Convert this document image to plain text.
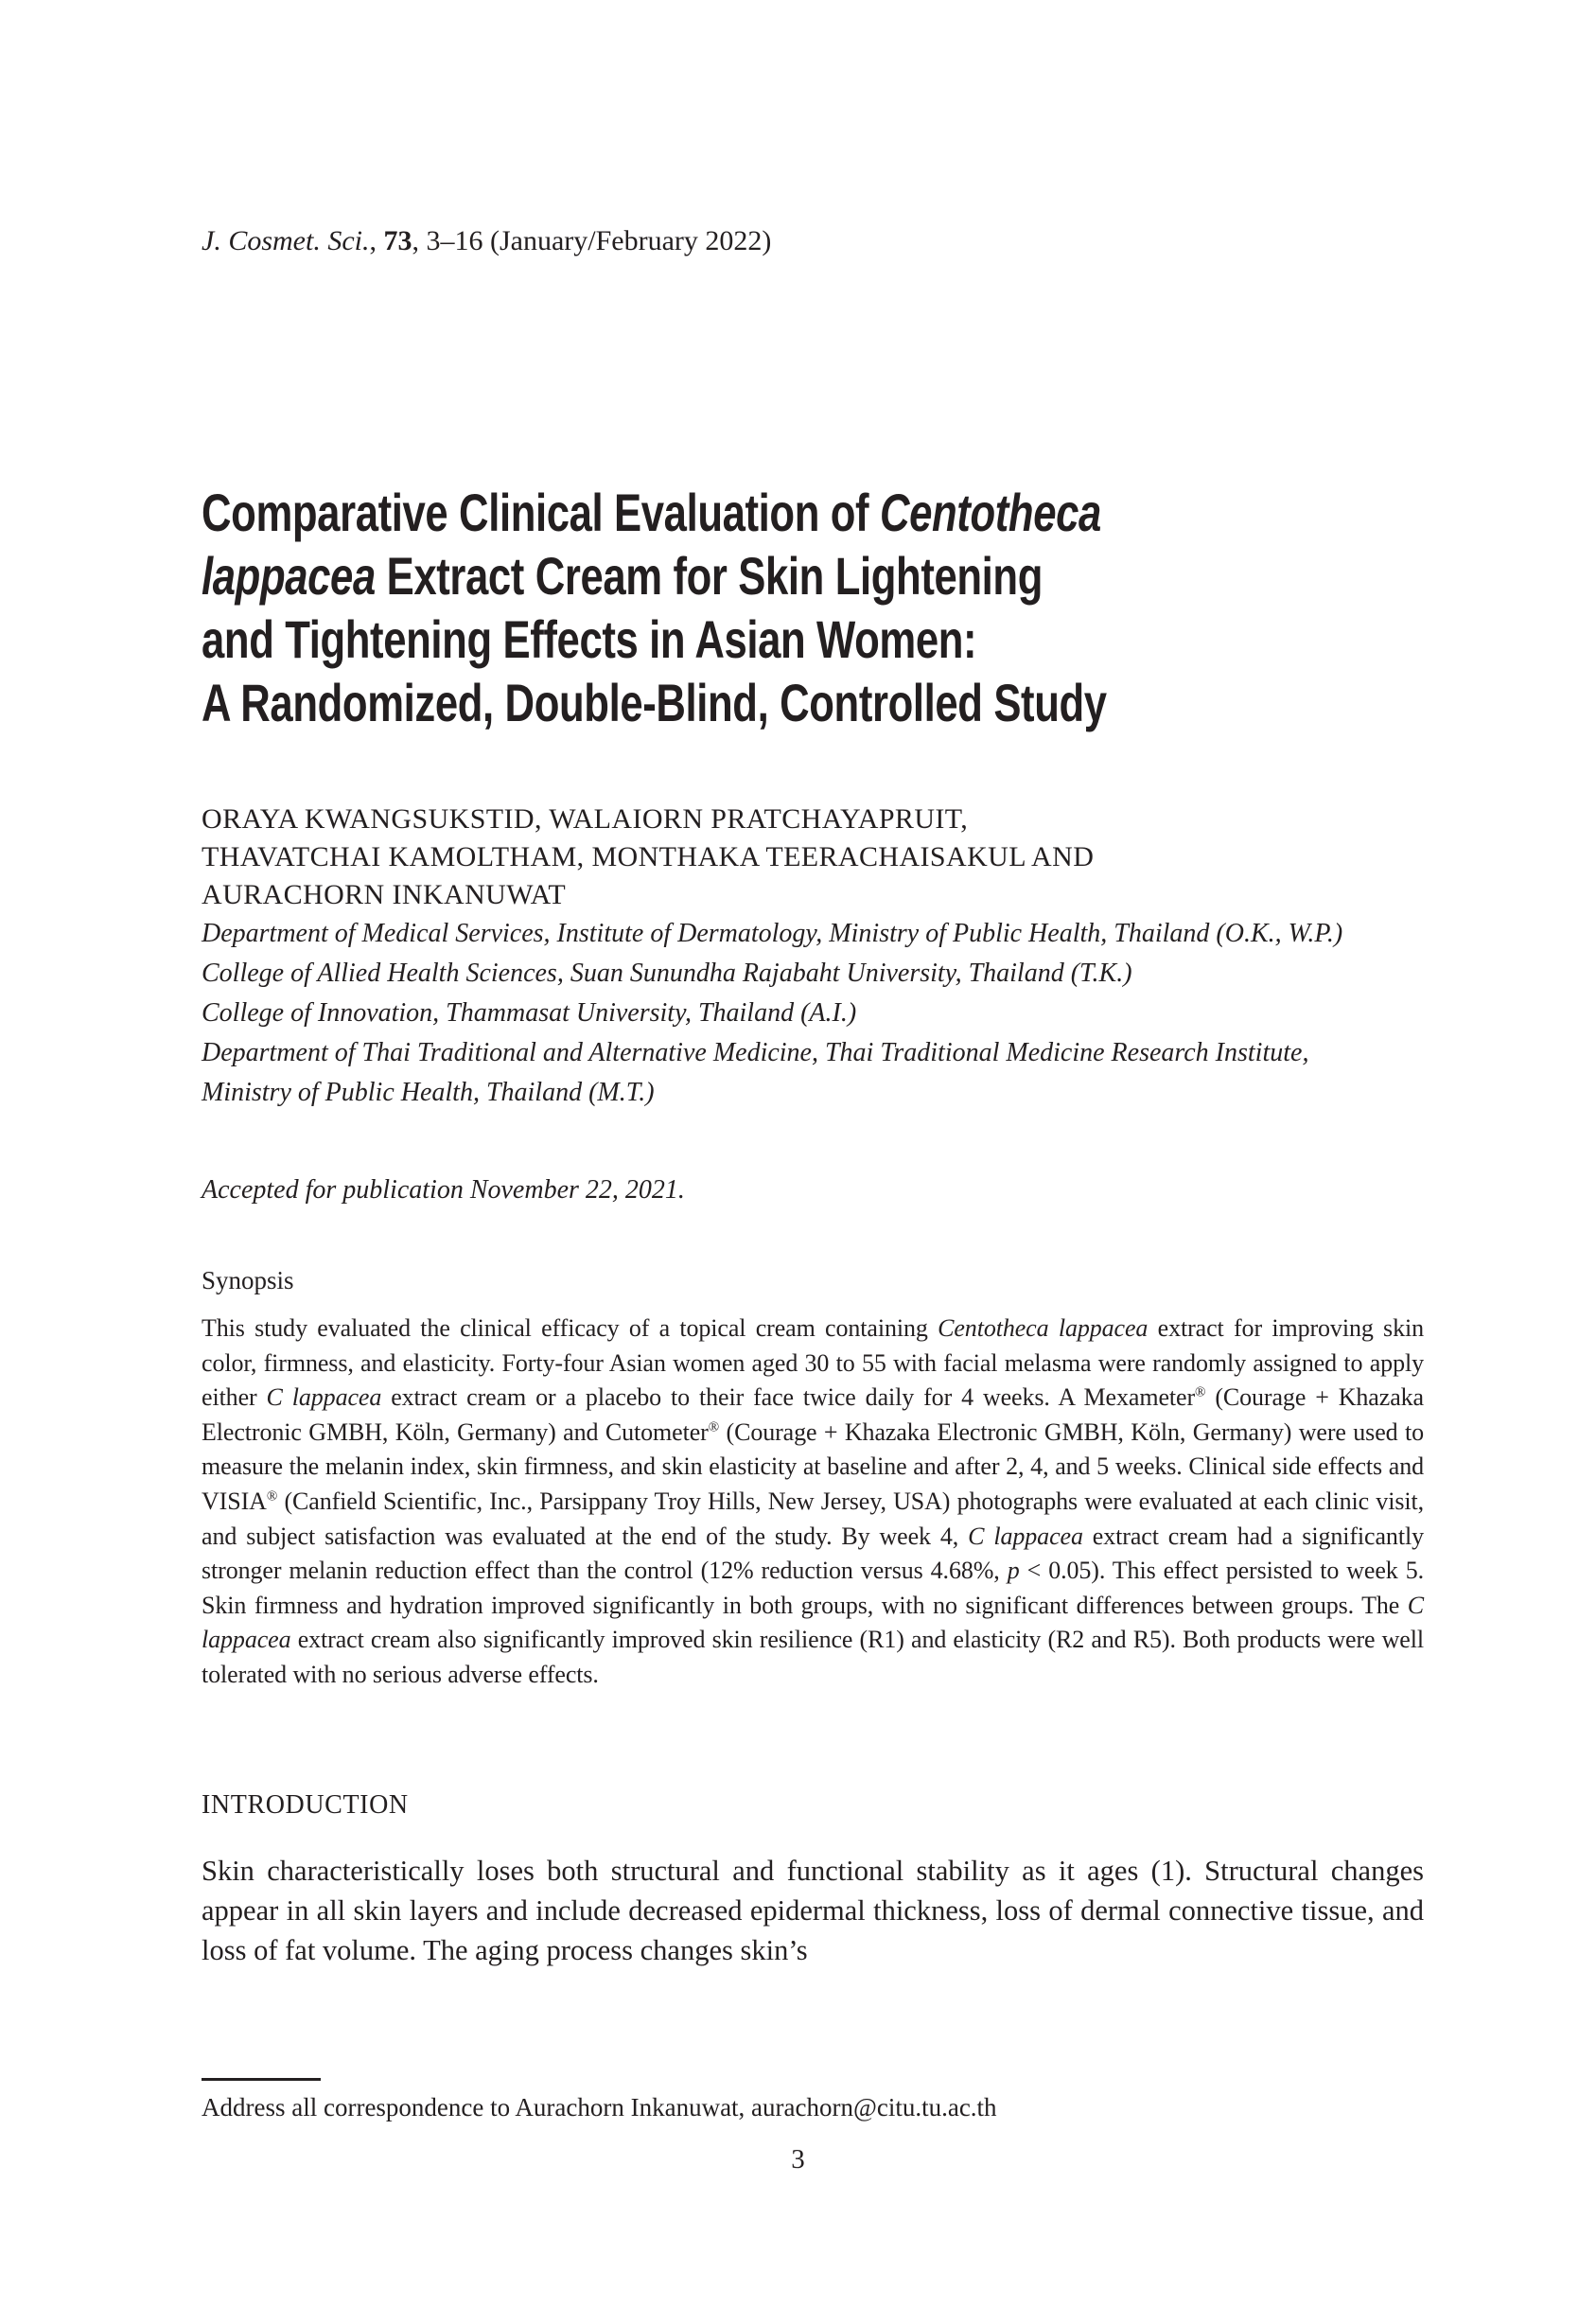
J. Cosmet. Sci., 73, 3–16 (January/February 2022)
Comparative Clinical Evaluation of Centotheca
lappacea Extract Cream for Skin Lightening
and Tightening Effects in Asian Women:
A Randomized, Double-Blind, Controlled Study
ORAYA KWANGSUKSTID, WALAIORN PRATCHAYAPRUIT,
THAVATCHAI KAMOLTHAM, MONTHAKA TEERACHAISAKUL AND
AURACHORN INKANUWAT
Department of Medical Services, Institute of Dermatology, Ministry of Public Health, Thailand (O.K., W.P.)
College of Allied Health Sciences, Suan Sunundha Rajabaht University, Thailand (T.K.)
College of Innovation, Thammasat University, Thailand (A.I.)
Department of Thai Traditional and Alternative Medicine, Thai Traditional Medicine Research Institute,
Ministry of Public Health, Thailand (M.T.)
Accepted for publication November 22, 2021.
Synopsis
This study evaluated the clinical efficacy of a topical cream containing Centotheca lappacea extract for improving skin color, firmness, and elasticity. Forty-four Asian women aged 30 to 55 with facial melasma were randomly assigned to apply either C lappacea extract cream or a placebo to their face twice daily for 4 weeks. A Mexameter® (Courage + Khazaka Electronic GMBH, Köln, Germany) and Cutometer® (Courage + Khazaka Electronic GMBH, Köln, Germany) were used to measure the melanin index, skin firmness, and skin elasticity at baseline and after 2, 4, and 5 weeks. Clinical side effects and VISIA® (Canfield Scientific, Inc., Parsippany Troy Hills, New Jersey, USA) photographs were evaluated at each clinic visit, and subject satisfaction was evaluated at the end of the study. By week 4, C lappacea extract cream had a significantly stronger melanin reduction effect than the control (12% reduction versus 4.68%, p < 0.05). This effect persisted to week 5. Skin firmness and hydration improved significantly in both groups, with no significant differences between groups. The C lappacea extract cream also significantly improved skin resilience (R1) and elasticity (R2 and R5). Both products were well tolerated with no serious adverse effects.
INTRODUCTION
Skin characteristically loses both structural and functional stability as it ages (1). Structural changes appear in all skin layers and include decreased epidermal thickness, loss of dermal connective tissue, and loss of fat volume. The aging process changes skin’s
Address all correspondence to Aurachorn Inkanuwat, aurachorn@citu.tu.ac.th
3
